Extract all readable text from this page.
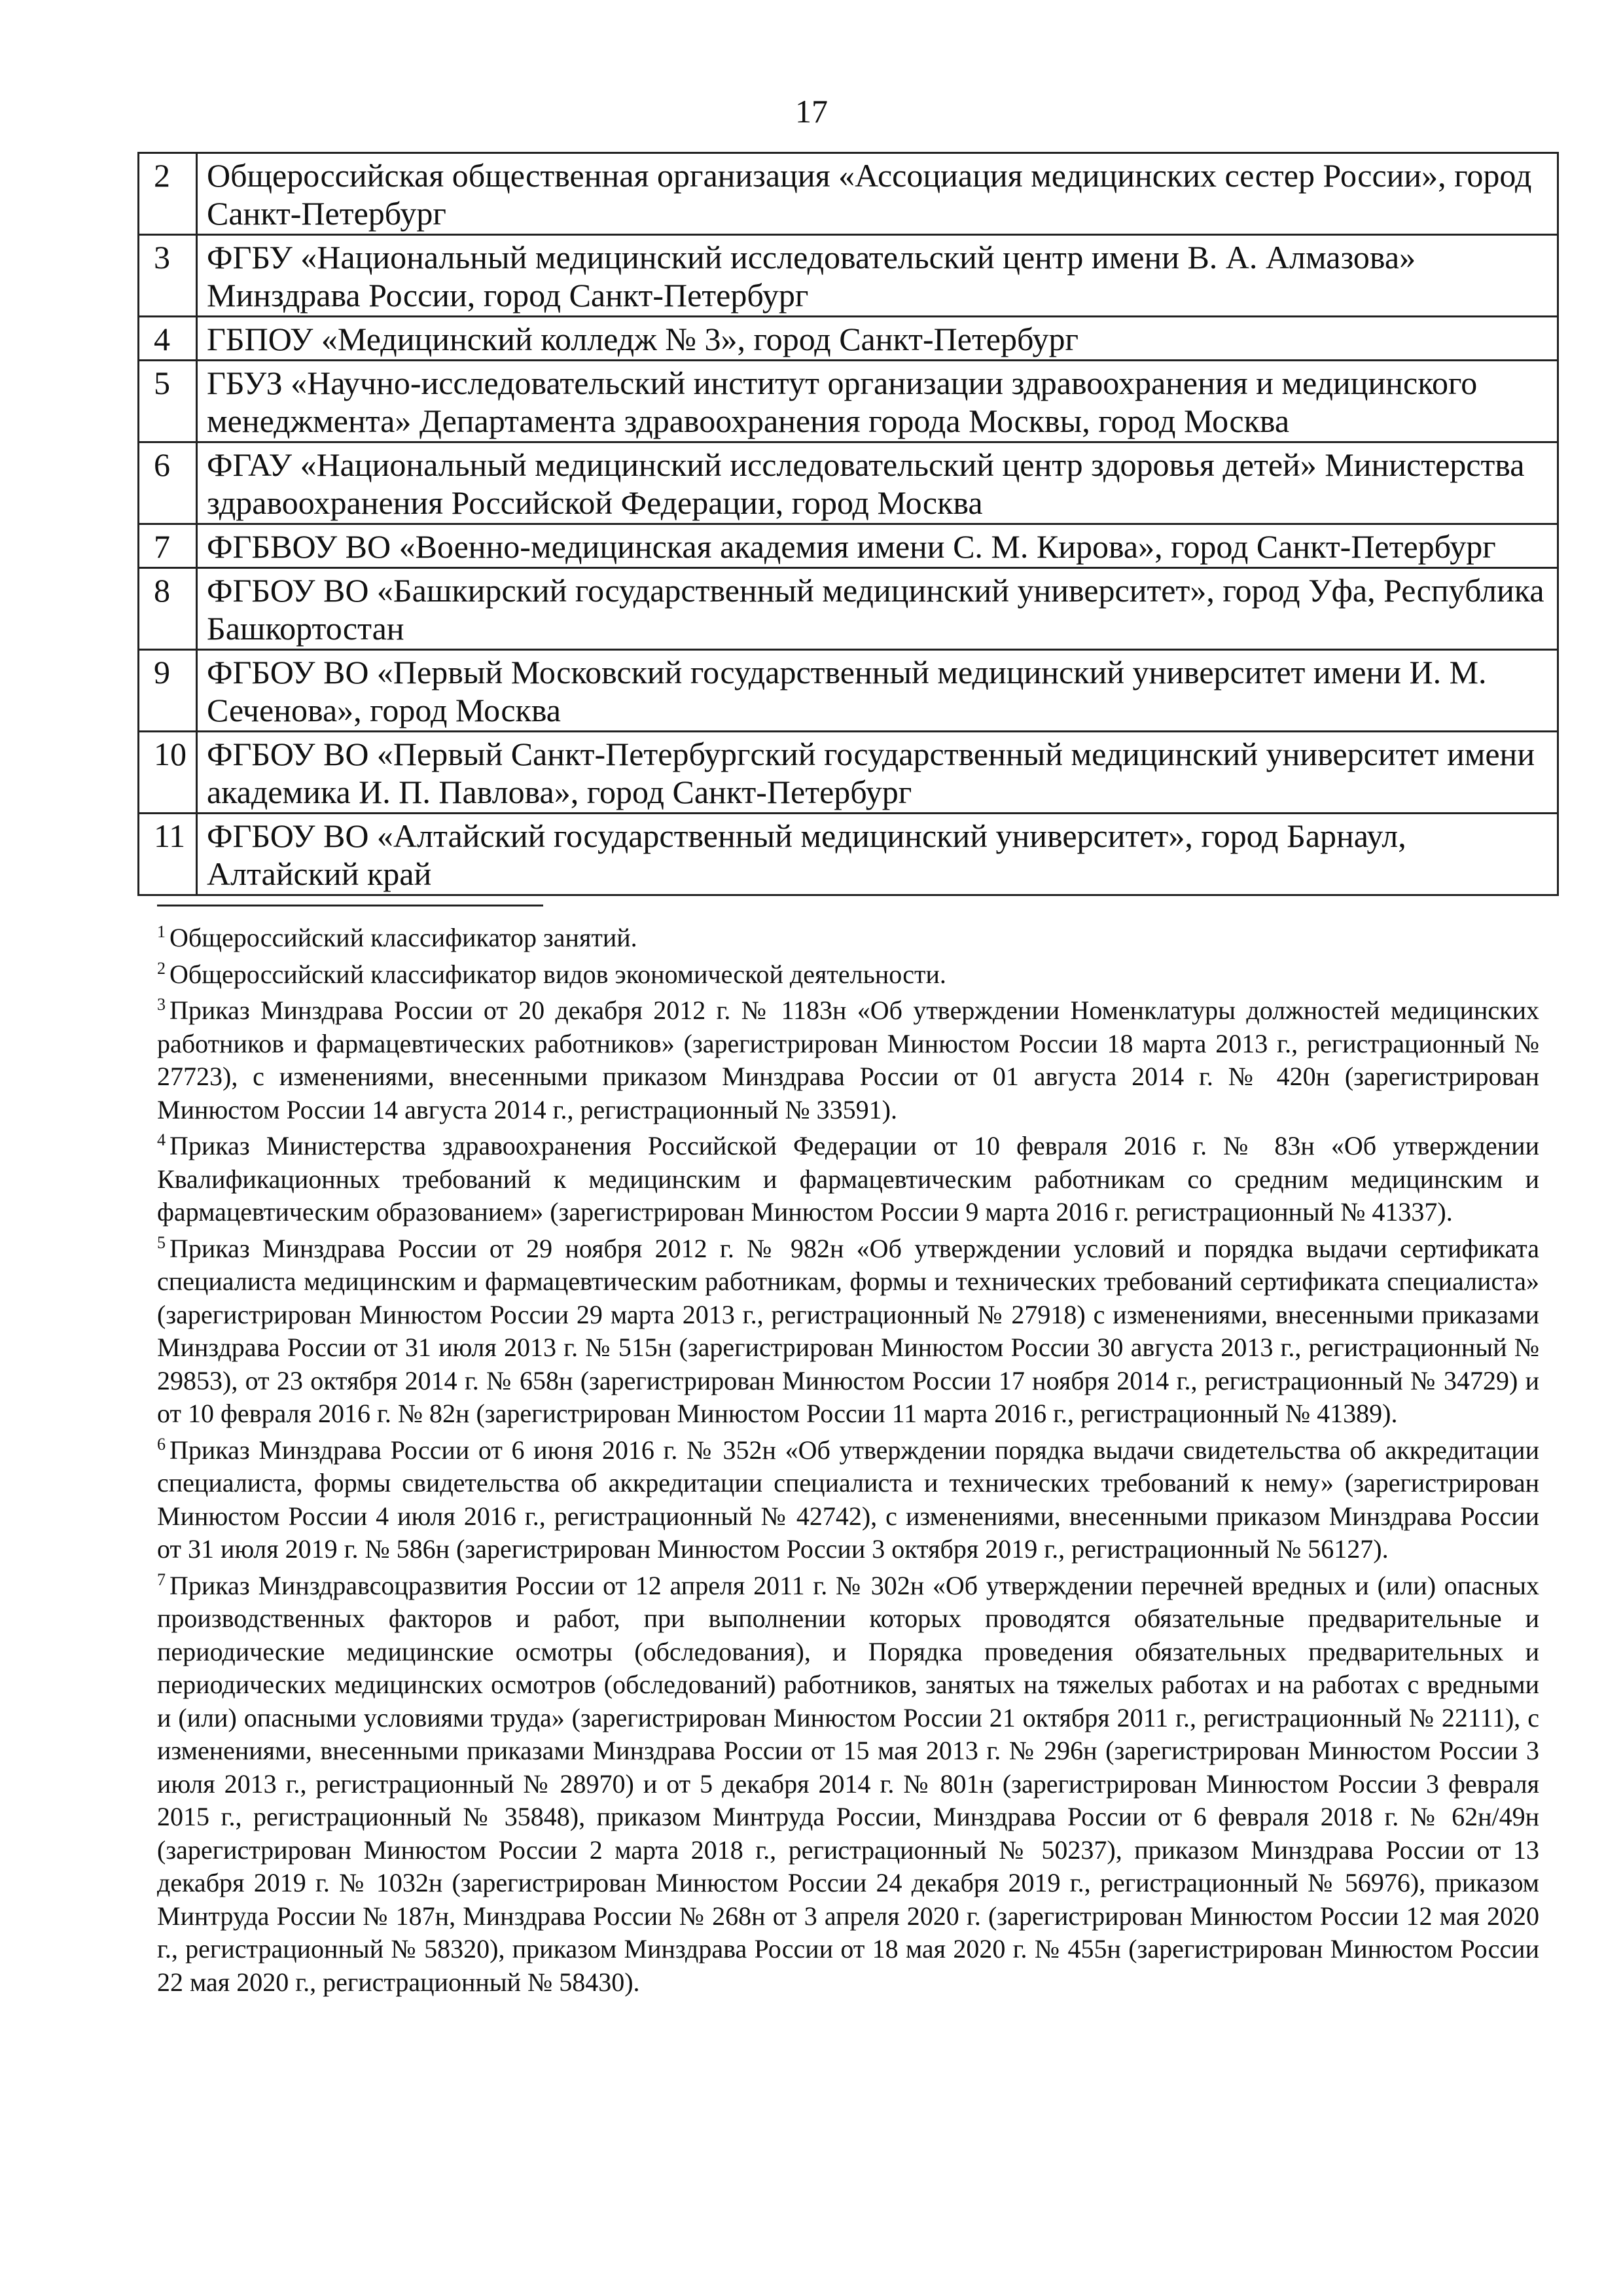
17
2	Общероссийская общественная организация «Ассоциация медицинских сестер России», город Санкт-Петербург
3	ФГБУ «Национальный медицинский исследовательский центр имени В. А. Алмазова» Минздрава России, город Санкт-Петербург
4	ГБПОУ «Медицинский колледж № 3», город Санкт-Петербург
5	ГБУЗ «Научно-исследовательский институт организации здравоохранения и медицинского менеджмента» Департамента здравоохранения города Москвы, город Москва
6	ФГАУ «Национальный медицинский исследовательский центр здоровья детей» Министерства здравоохранения Российской Федерации, город Москва
7	ФГБВОУ ВО «Военно-медицинская академия имени С. М. Кирова», город Санкт-Петербург
8	ФГБОУ ВО «Башкирский государственный медицинский университет», город Уфа, Республика Башкортостан
9	ФГБОУ ВО «Первый Московский государственный медицинский университет имени И. М. Сеченова», город Москва
10	ФГБОУ ВО «Первый Санкт-Петербургский государственный медицинский университет имени академика И. П. Павлова», город Санкт-Петербург
11	ФГБОУ ВО «Алтайский государственный медицинский университет», город Барнаул, Алтайский край

$^1$ Общероссийский классификатор занятий.

$^2$ Общероссийский классификатор видов экономической деятельности.

$^3$ Приказ Минздрава России от 20 декабря 2012 г. № 1183н «Об утверждении Номенклатуры должностей медицинских работников и фармацевтических работников» (зарегистрирован Минюстом России 18 марта 2013 г., регистрационный № 27723), с изменениями, внесенными приказом Минздрава России от 01 августа 2014 г. № 420н (зарегистрирован Минюстом России 14 августа 2014 г., регистрационный № 33591).

$^4$ Приказ Министерства здравоохранения Российской Федерации от 10 февраля 2016 г. № 83н «Об утверждении Квалификационных требований к медицинским и фармацевтическим работникам со средним медицинским и фармацевтическим образованием» (зарегистрирован Минюстом России 9 марта 2016 г. регистрационный № 41337).

$^5$ Приказ Минздрава России от 29 ноября 2012 г. № 982н «Об утверждении условий и порядка выдачи сертификата специалиста медицинским и фармацевтическим работникам, формы и технических требований сертификата специалиста» (зарегистрирован Минюстом России 29 марта 2013 г., регистрационный № 27918) с изменениями, внесенными приказами Минздрава России от 31 июля 2013 г. № 515н (зарегистрирован Минюстом России 30 августа 2013 г., регистрационный № 29853), от 23 октября 2014 г. № 658н (зарегистрирован Минюстом России 17 ноября 2014 г., регистрационный № 34729) и от 10 февраля 2016 г. № 82н (зарегистрирован Минюстом России 11 марта 2016 г., регистрационный № 41389).

$^6$ Приказ Минздрава России от 6 июня 2016 г. № 352н «Об утверждении порядка выдачи свидетельства об аккредитации специалиста, формы свидетельства об аккредитации специалиста и технических требований к нему» (зарегистрирован Минюстом России 4 июля 2016 г., регистрационный № 42742), с изменениями, внесенными приказом Минздрава России от 31 июля 2019 г. № 586н (зарегистрирован Минюстом России 3 октября 2019 г., регистрационный № 56127).

$^7$ Приказ Минздравсоцразвития России от 12 апреля 2011 г. № 302н «Об утверждении перечней вредных и (или) опасных производственных факторов и работ, при выполнении которых проводятся обязательные предварительные и периодические медицинские осмотры (обследования), и Порядка проведения обязательных предварительных и периодических медицинских осмотров (обследований) работников, занятых на тяжелых работах и на работах с вредными и (или) опасными условиями труда» (зарегистрирован Минюстом России 21 октября 2011 г., регистрационный № 22111), с изменениями, внесенными приказами Минздрава России от 15 мая 2013 г. № 296н (зарегистрирован Минюстом России 3 июля 2013 г., регистрационный № 28970) и от 5 декабря 2014 г. № 801н (зарегистрирован Минюстом России 3 февраля 2015 г., регистрационный № 35848), приказом Минтруда России, Минздрава России от 6 февраля 2018 г. № 62н/49н (зарегистрирован Минюстом России 2 марта 2018 г., регистрационный № 50237), приказом Минздрава России от 13 декабря 2019 г. № 1032н (зарегистрирован Минюстом России 24 декабря 2019 г., регистрационный № 56976), приказом Минтруда России № 187н, Минздрава России № 268н от 3 апреля 2020 г. (зарегистрирован Минюстом России 12 мая 2020 г., регистрационный № 58320), приказом Минздрава России от 18 мая 2020 г. № 455н (зарегистрирован Минюстом России 22 мая 2020 г., регистрационный № 58430).
